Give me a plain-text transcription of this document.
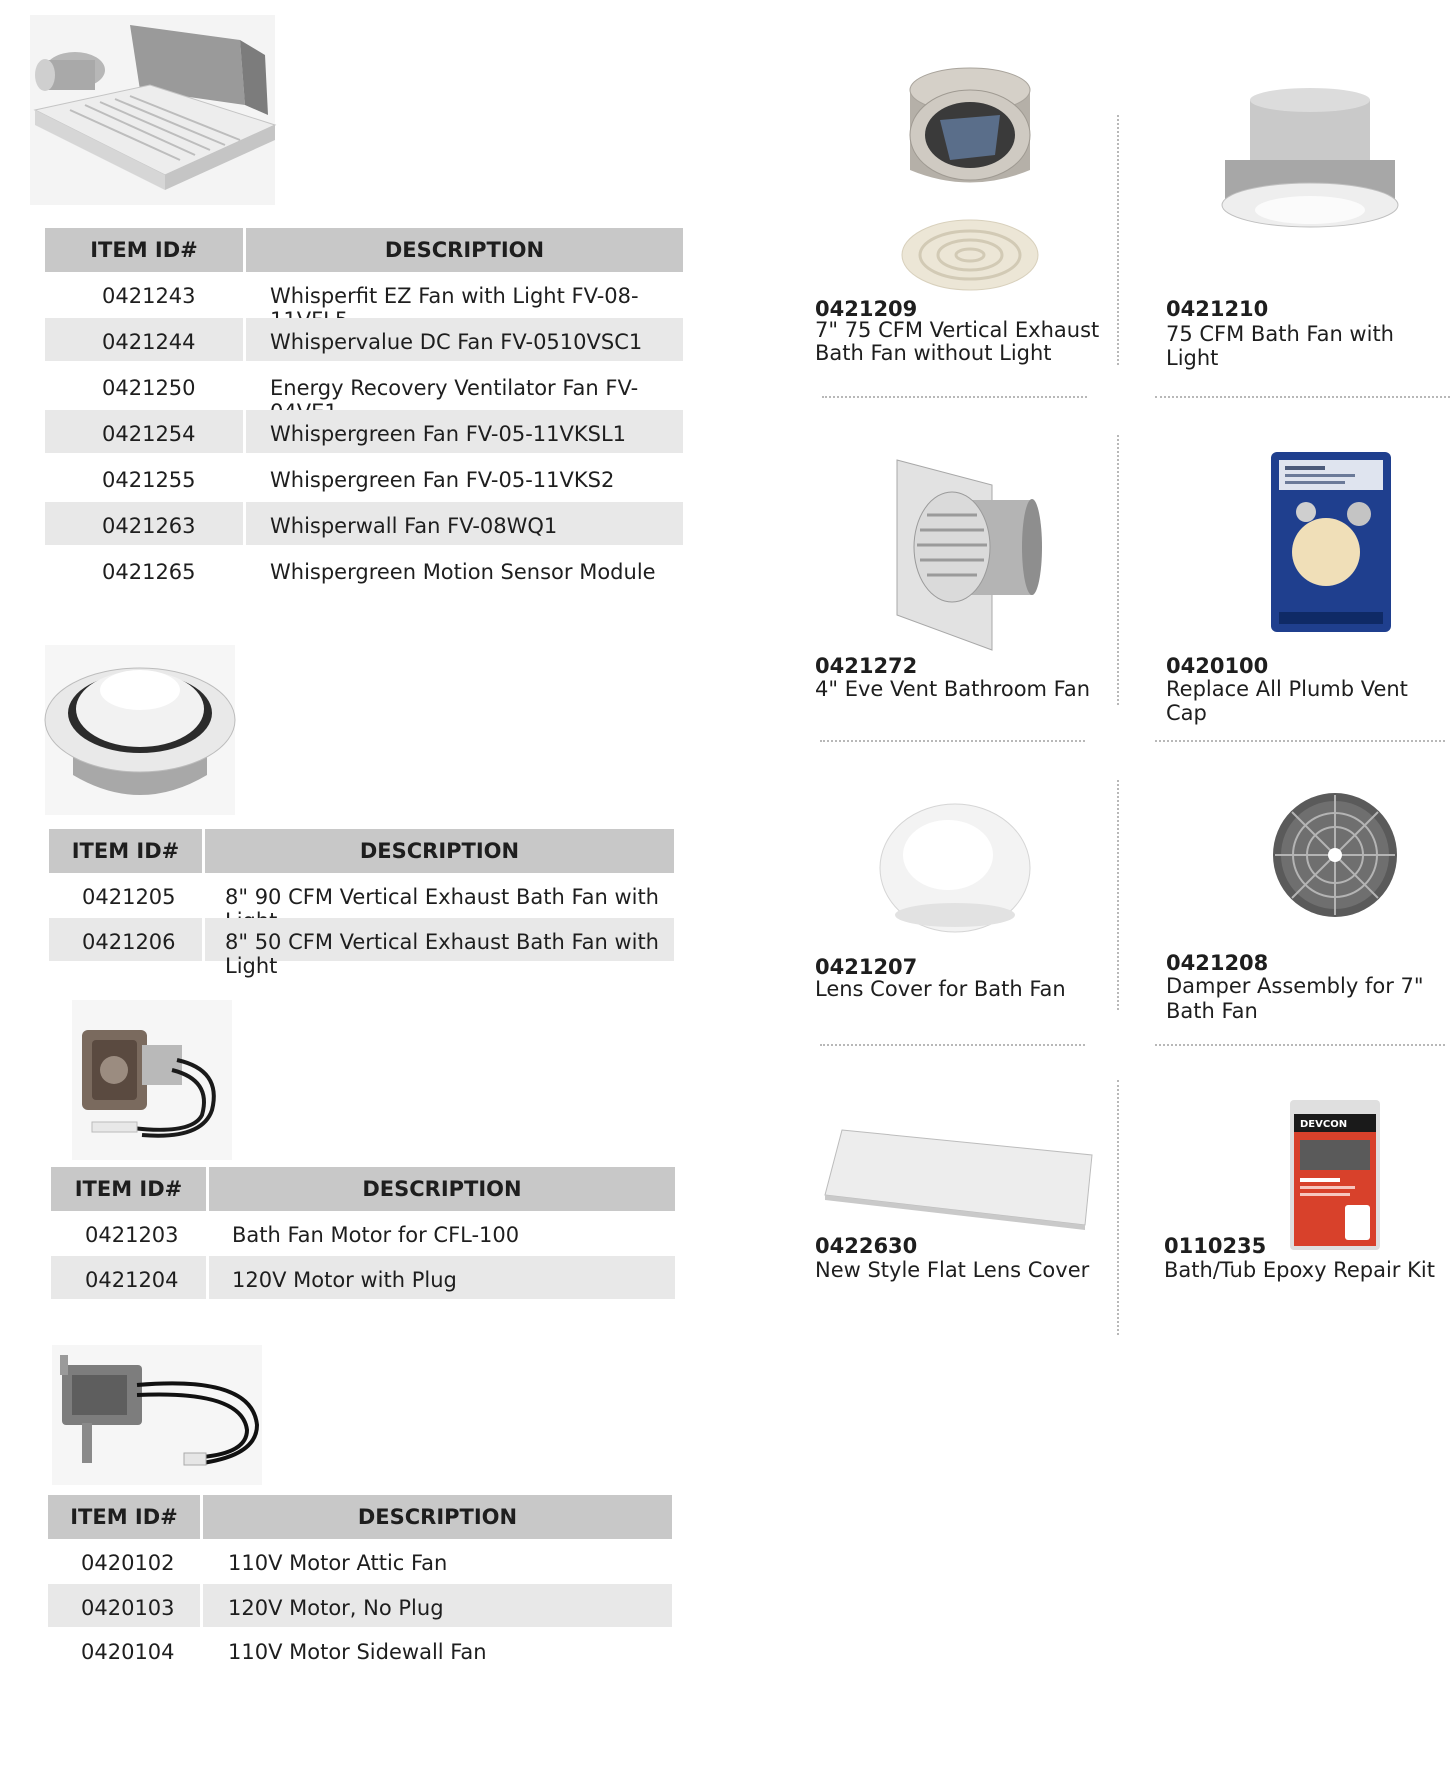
ITEM ID#	DESCRIPTION
0421243	Whisperfit EZ Fan with Light FV-08-
0421244	Whispervalue DC Fan FV-0510VSC1
0421250	Energy Recovery Ventilator Fan FV-
0421254	Whispergreen Fan FV-05-11VKSL1
0421255	Whispergreen Fan FV-05-11VKS2
0421263	Whisperwall Fan FV-08WQ1
0421265	Whispergreen Motion Sensor Module
ITEM ID#	DESCRIPTION
0421205 8" 90 CFM Vertical Exhaust Bath Fan with
0421206 8" 50 CFM Vertical Exhaust Bath Fan with Light
ITEM ID#	DESCRIPTION
0421203	Bath Fan Motor for CFL-100
0421204	120V Motor with Plug
ITEM ID#	DESCRIPTION
0420102	110V Motor Attic Fan
0420103	120V Motor, No Plug
0420104	110V Motor Sidewall Fan
0421209
7" 75 CFM Vertical Exhaust
Bath Fan without Light
0421210
75 CFM Bath Fan with Light
0421272
4" Eve Vent Bathroom Fan
0420100
Replace All Plumb Vent Cap
0421207
Lens Cover for Bath Fan
0421208
Damper Assembly for 7"
Bath Fan
0422630
New Style Flat Lens Cover
DEVCON
0110235
Bath/Tub Epoxy Repair Kit
